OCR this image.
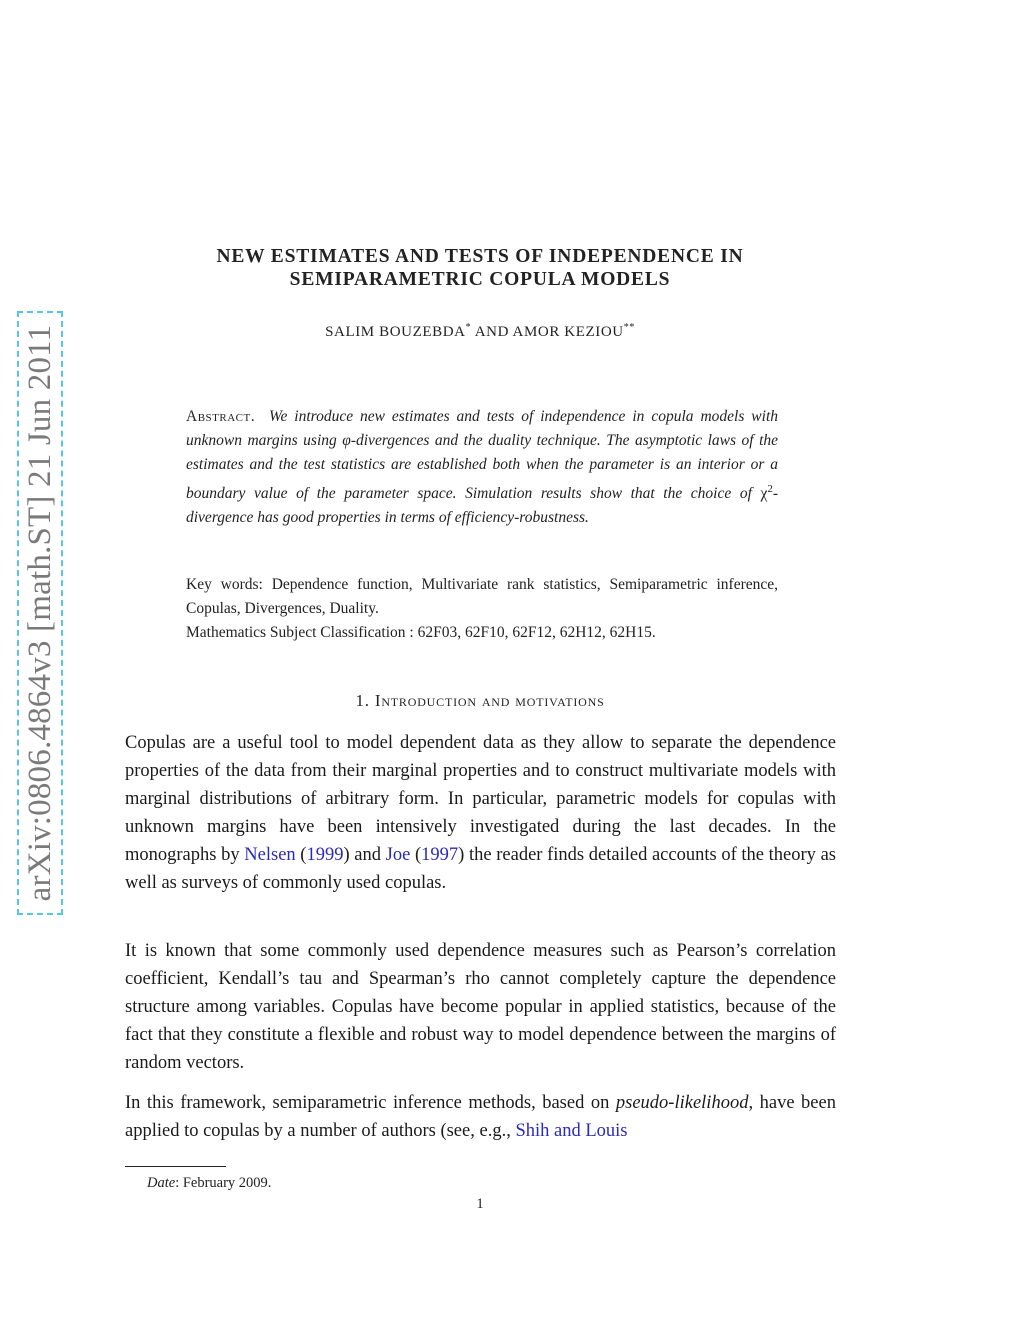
arXiv:0806.4864v3 [math.ST] 21 Jun 2011
NEW ESTIMATES AND TESTS OF INDEPENDENCE IN
SEMIPARAMETRIC COPULA MODELS
SALIM BOUZEBDA* AND AMOR KEZIOU**
Abstract. We introduce new estimates and tests of independence in copula models with unknown margins using φ-divergences and the duality technique. The asymptotic laws of the estimates and the test statistics are established both when the parameter is an interior or a boundary value of the parameter space. Simulation results show that the choice of $\chi^2$-divergence has good properties in terms of efficiency-robustness.
Key words: Dependence function, Multivariate rank statistics, Semiparametric inference, Copulas, Divergences, Duality.
Mathematics Subject Classification : 62F03, 62F10, 62F12, 62H12, 62H15.
1. Introduction and motivations

Copulas are a useful tool to model dependent data as they allow to separate the dependence properties of the data from their marginal properties and to construct multivariate models with marginal distributions of arbitrary form. In particular, parametric models for copulas with unknown margins have been intensively investigated during the last decades. In the monographs by Nelsen (1999) and Joe (1997) the reader finds detailed accounts of the theory as well as surveys of commonly used copulas.

It is known that some commonly used dependence measures such as Pearson’s correlation coefficient, Kendall’s tau and Spearman’s rho cannot completely capture the dependence structure among variables. Copulas have become popular in applied statistics, because of the fact that they constitute a flexible and robust way to model dependence between the margins of random vectors.

In this framework, semiparametric inference methods, based on pseudo-likelihood, have been applied to copulas by a number of authors (see, e.g., Shih and Louis

Date: February 2009.
1
